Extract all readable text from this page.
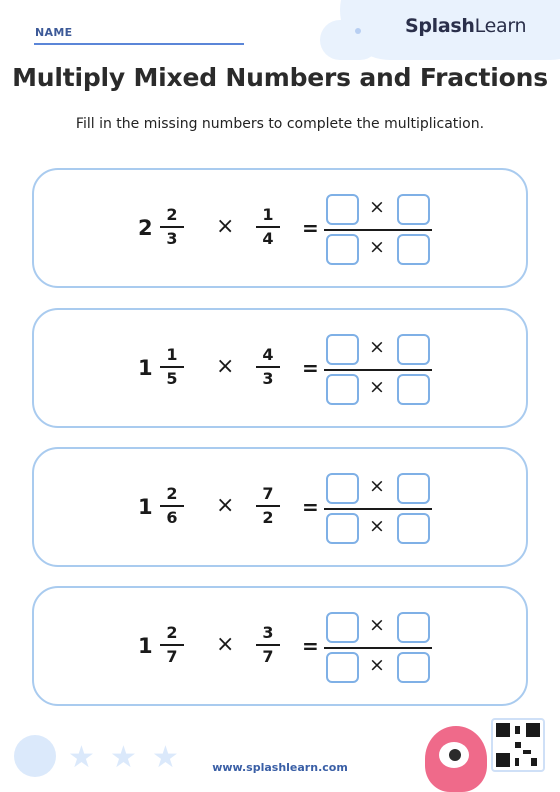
NAME	SplashLearn
Multiply Mixed Numbers and Fractions
Fill in the missing numbers to complete the multiplication.
2
2
3 ×	1
4	=
×
×
1
1
5 ×	4
3	=
×
×
1
2
6 ×	7
2	=
×
×
1
2
7 ×	3
7	=
×
×
★ ★ ★	www.splashlearn.com
